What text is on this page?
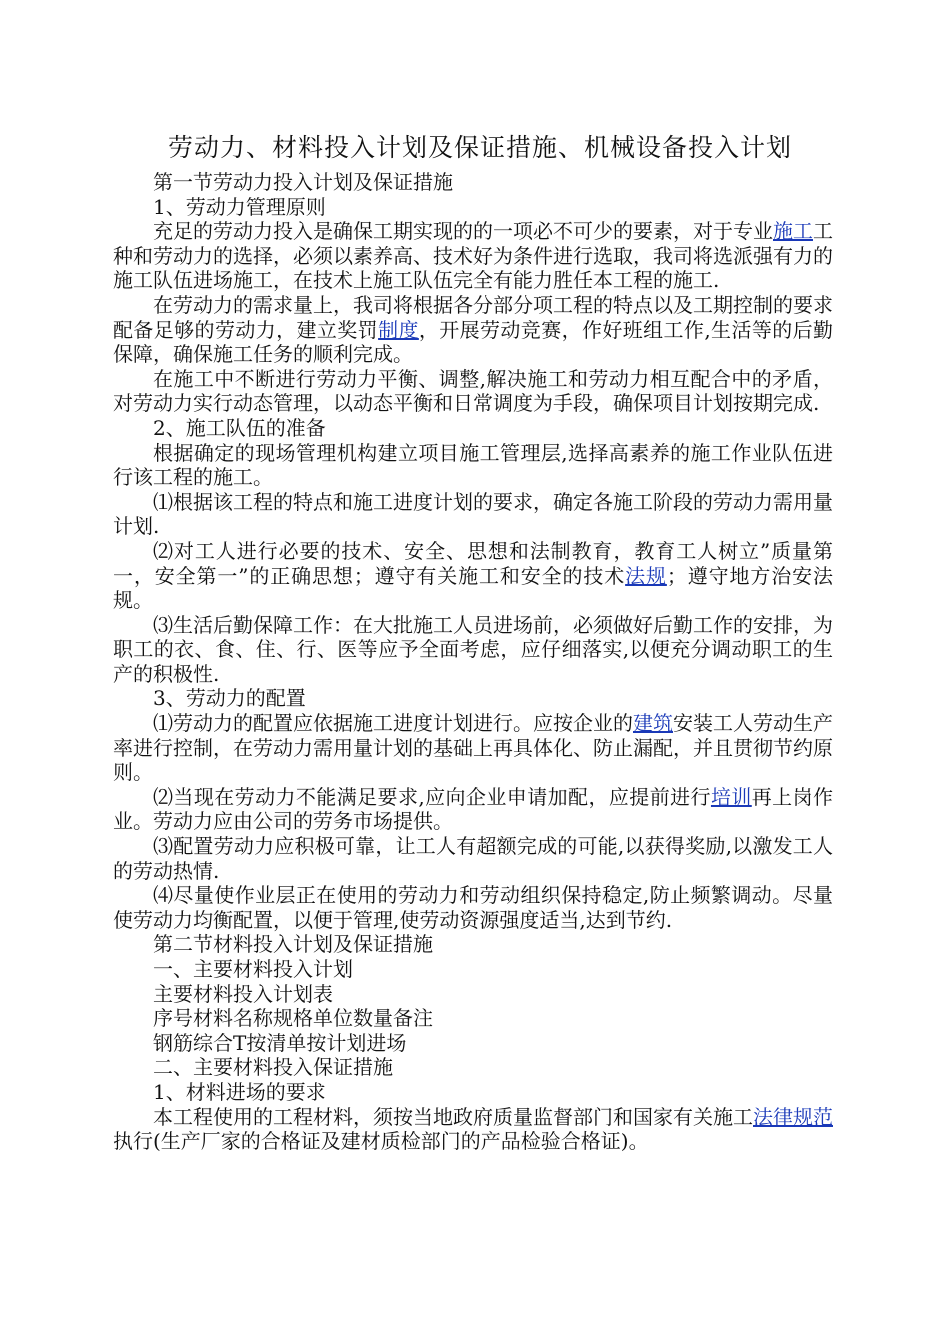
劳动力、材料投入计划及保证措施、机械设备投入计划

第一节劳动力投入计划及保证措施

1、劳动力管理原则

充足的劳动力投入是确保工期实现的的一项必不可少的要素，对于专业施工工种和劳动力的选择，必须以素养高、技术好为条件进行选取，我司将选派强有力的施工队伍进场施工，在技术上施工队伍完全有能力胜任本工程的施工.

在劳动力的需求量上，我司将根据各分部分项工程的特点以及工期控制的要求配备足够的劳动力，建立奖罚制度，开展劳动竞赛，作好班组工作,生活等的后勤保障，确保施工任务的顺利完成。

在施工中不断进行劳动力平衡、调整,解决施工和劳动力相互配合中的矛盾，对劳动力实行动态管理，以动态平衡和日常调度为手段，确保项目计划按期完成.

2、施工队伍的准备

根据确定的现场管理机构建立项目施工管理层,选择高素养的施工作业队伍进行该工程的施工。

⑴根据该工程的特点和施工进度计划的要求，确定各施工阶段的劳动力需用量计划.

⑵对工人进行必要的技术、安全、思想和法制教育，教育工人树立”质量第一，安全第一”的正确思想；遵守有关施工和安全的技术法规；遵守地方治安法规。

⑶生活后勤保障工作：在大批施工人员进场前，必须做好后勤工作的安排，为职工的衣、食、住、行、医等应予全面考虑，应仔细落实,以便充分调动职工的生产的积极性.

3、劳动力的配置

⑴劳动力的配置应依据施工进度计划进行。应按企业的建筑安装工人劳动生产率进行控制，在劳动力需用量计划的基础上再具体化、防止漏配，并且贯彻节约原则。

⑵当现在劳动力不能满足要求,应向企业申请加配，应提前进行培训再上岗作业。劳动力应由公司的劳务市场提供。

⑶配置劳动力应积极可靠，让工人有超额完成的可能,以获得奖励,以激发工人的劳动热情.

⑷尽量使作业层正在使用的劳动力和劳动组织保持稳定,防止频繁调动。尽量使劳动力均衡配置，以便于管理,使劳动资源强度适当,达到节约.

第二节材料投入计划及保证措施

一、主要材料投入计划

主要材料投入计划表

序号材料名称规格单位数量备注

钢筋综合T按清单按计划进场

二、主要材料投入保证措施

1、材料进场的要求

本工程使用的工程材料，须按当地政府质量监督部门和国家有关施工法律规范执行(生产厂家的合格证及建材质检部门的产品检验合格证)。
